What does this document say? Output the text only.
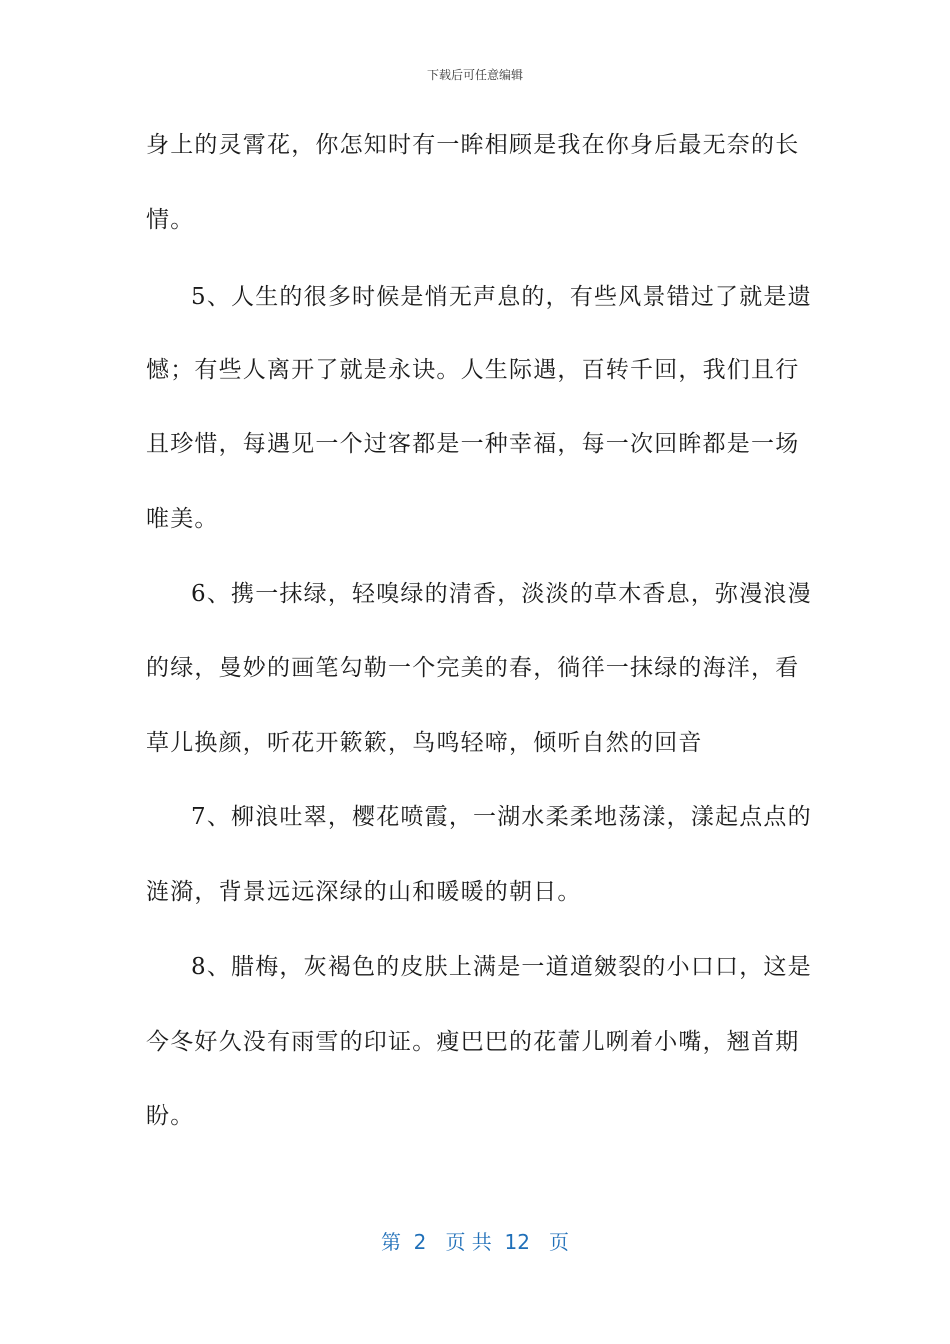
下载后可任意编辑
身上的灵霄花，你怎知时有一眸相顾是我在你身后最无奈的长
情。
5、人生的很多时候是悄无声息的，有些风景错过了就是遗
憾；有些人离开了就是永诀。人生际遇，百转千回，我们且行
且珍惜，每遇见一个过客都是一种幸福，每一次回眸都是一场
唯美。
6、携一抹绿，轻嗅绿的清香，淡淡的草木香息，弥漫浪漫
的绿，曼妙的画笔勾勒一个完美的春，徜徉一抹绿的海洋，看
草儿换颜，听花开簌簌，鸟鸣轻啼，倾听自然的回音
7、柳浪吐翠，樱花喷霞，一湖水柔柔地荡漾，漾起点点的
涟漪，背景远远深绿的山和暖暖的朝日。
8、腊梅，灰褐色的皮肤上满是一道道皴裂的小口口，这是
今冬好久没有雨雪的印证。瘦巴巴的花蕾儿咧着小嘴，翘首期
盼。
第  2   页 共  12   页
